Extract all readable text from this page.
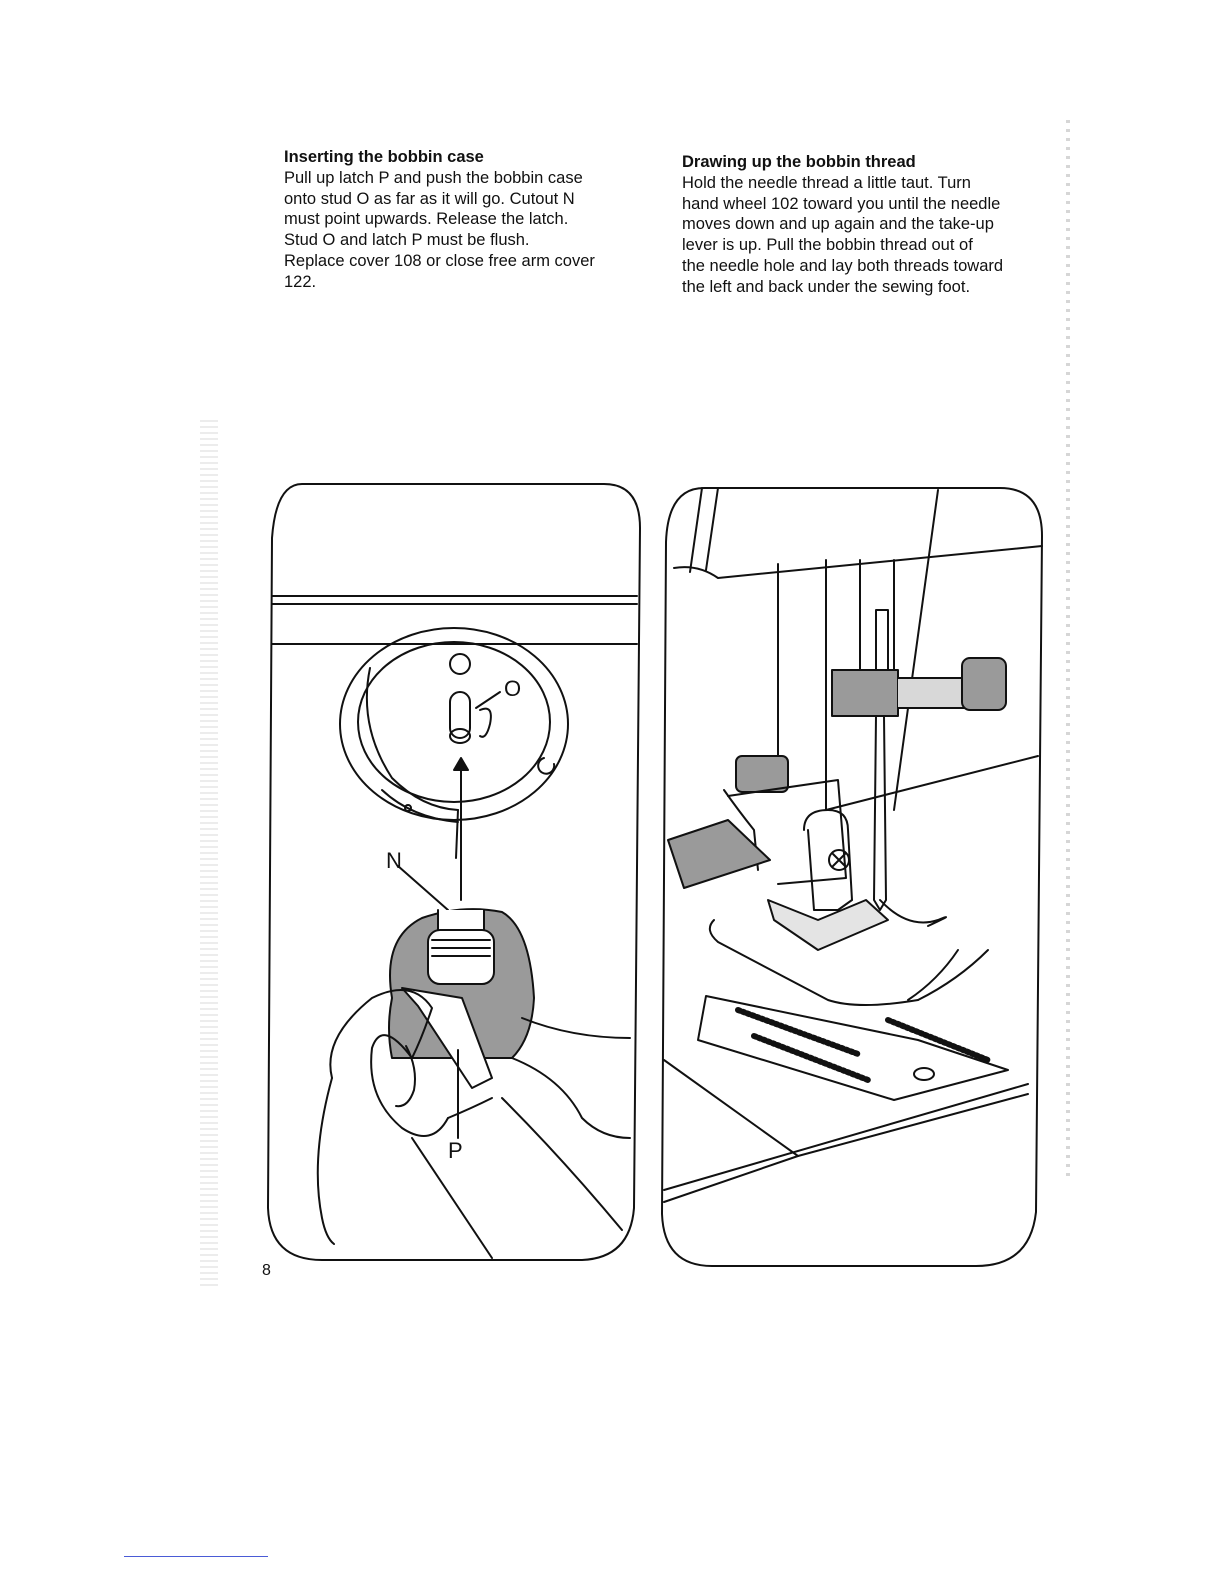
Inserting the bobbin case

Pull up latch P and push the bobbin case
onto stud O as far as it will go. Cutout N
must point upwards. Release the latch.
Stud O and latch P must be flush.
Replace cover 108 or close free arm cover
122.

Drawing up the bobbin thread

Hold the needle thread a little taut. Turn
hand wheel 102 toward you until the needle
moves down and up again and the take-up
lever is up. Pull the bobbin thread out of
the needle hole and lay both threads toward
the left and back under the sewing foot.

O
N
P
8
